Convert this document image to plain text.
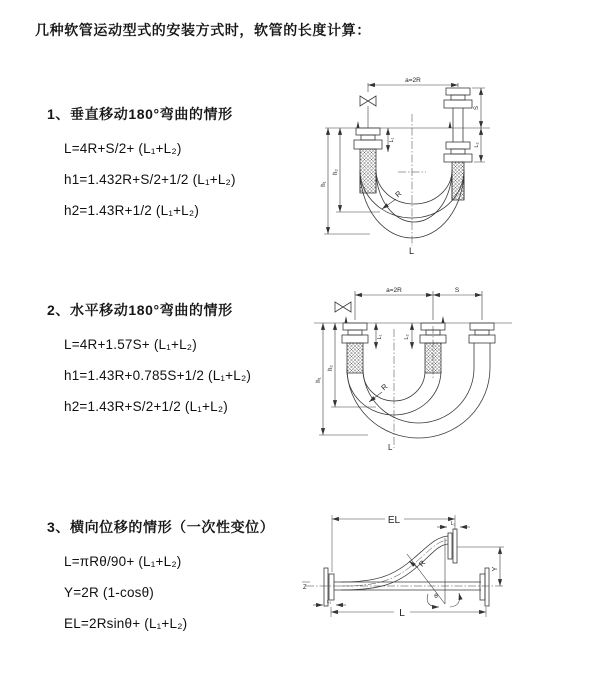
几种软管运动型式的安装方式时，软管的长度计算：
1、垂直移动180°弯曲的情形
L=4R+S/2+ (L₁+L₂)
h1=1.432R+S/2+1/2 (L₁+L₂)
h2=1.43R+1/2 (L₁+L₂)
a=2R
h₁
h₂
S
L₂
L₁
R
L
2、水平移动180°弯曲的情形
L=4R+1.57S+ (L₁+L₂)
h1=1.43R+0.785S+1/2 (L₁+L₂)
h2=1.43R+S/2+1/2 (L₁+L₂)
a=2R	S
h₁
h₂
L₁	L₂
R
L
3、横向位移的情形（一次性变位）
L=πRθ/90+ (L₁+L₂)
Y=2R (1-cosθ)
EL=2Rsinθ+ (L₁+L₂)
EL	L₂
Y
R
θ
L₁
Z
L
